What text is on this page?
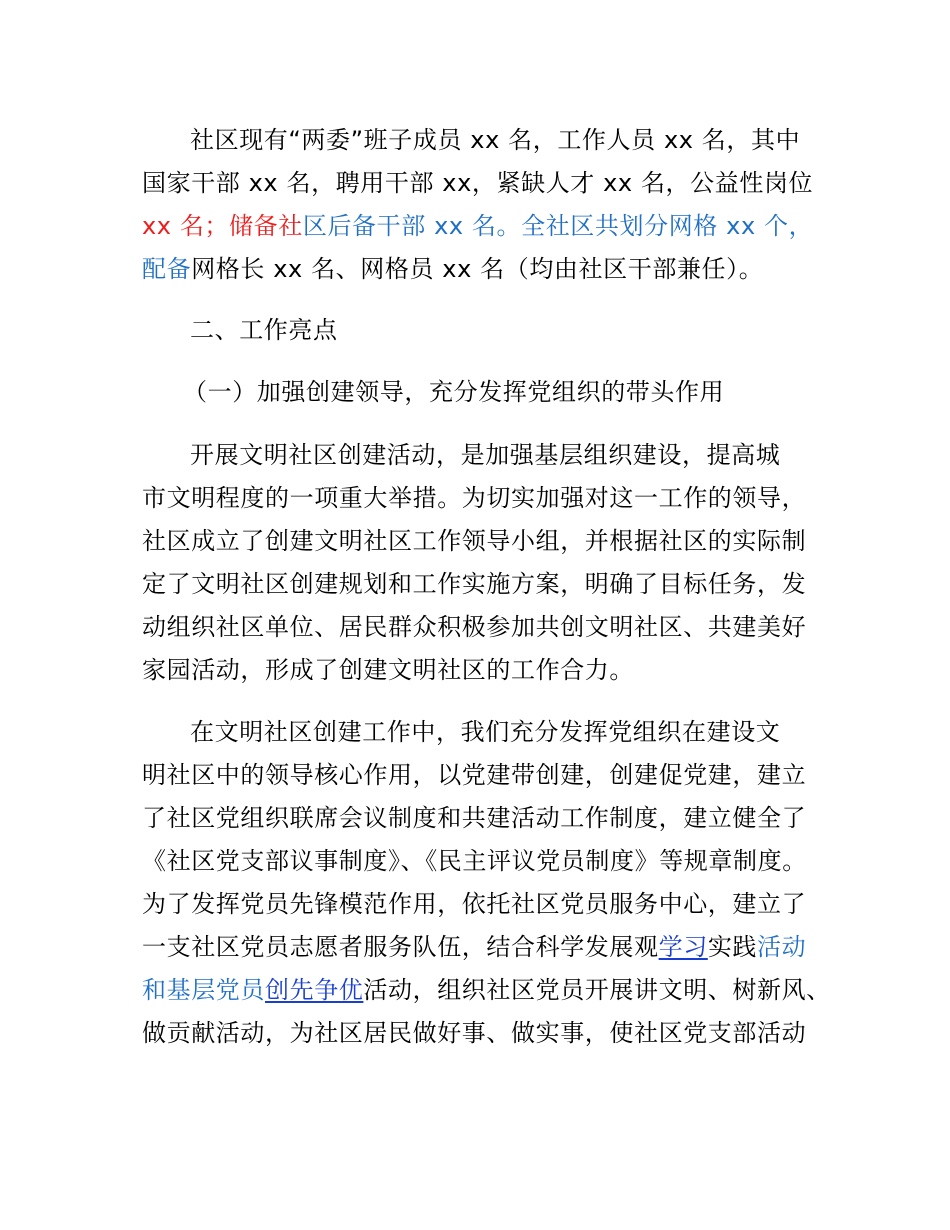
社区现有“两委”班子成员 xx 名，工作人员 xx 名，其中
国家干部 xx 名，聘用干部 xx，紧缺人才 xx 名，公益性岗位
xx 名；储备社区后备干部 xx 名。全社区共划分网格 xx 个，
配备网格长 xx 名、网格员 xx 名（均由社区干部兼任）。
二、工作亮点
（一）加强创建领导，充分发挥党组织的带头作用
开展文明社区创建活动，是加强基层组织建设，提高城
市文明程度的一项重大举措。为切实加强对这一工作的领导，
社区成立了创建文明社区工作领导小组，并根据社区的实际制
定了文明社区创建规划和工作实施方案，明确了目标任务，发
动组织社区单位、居民群众积极参加共创文明社区、共建美好
家园活动，形成了创建文明社区的工作合力。
在文明社区创建工作中，我们充分发挥党组织在建设文
明社区中的领导核心作用，以党建带创建，创建促党建，建立
了社区党组织联席会议制度和共建活动工作制度，建立健全了
《社区党支部议事制度》、《民主评议党员制度》等规章制度。
为了发挥党员先锋模范作用，依托社区党员服务中心，建立了
一支社区党员志愿者服务队伍，结合科学发展观学习实践活动
和基层党员创先争优活动，组织社区党员开展讲文明、树新风、
做贡献活动，为社区居民做好事、做实事，使社区党支部活动
